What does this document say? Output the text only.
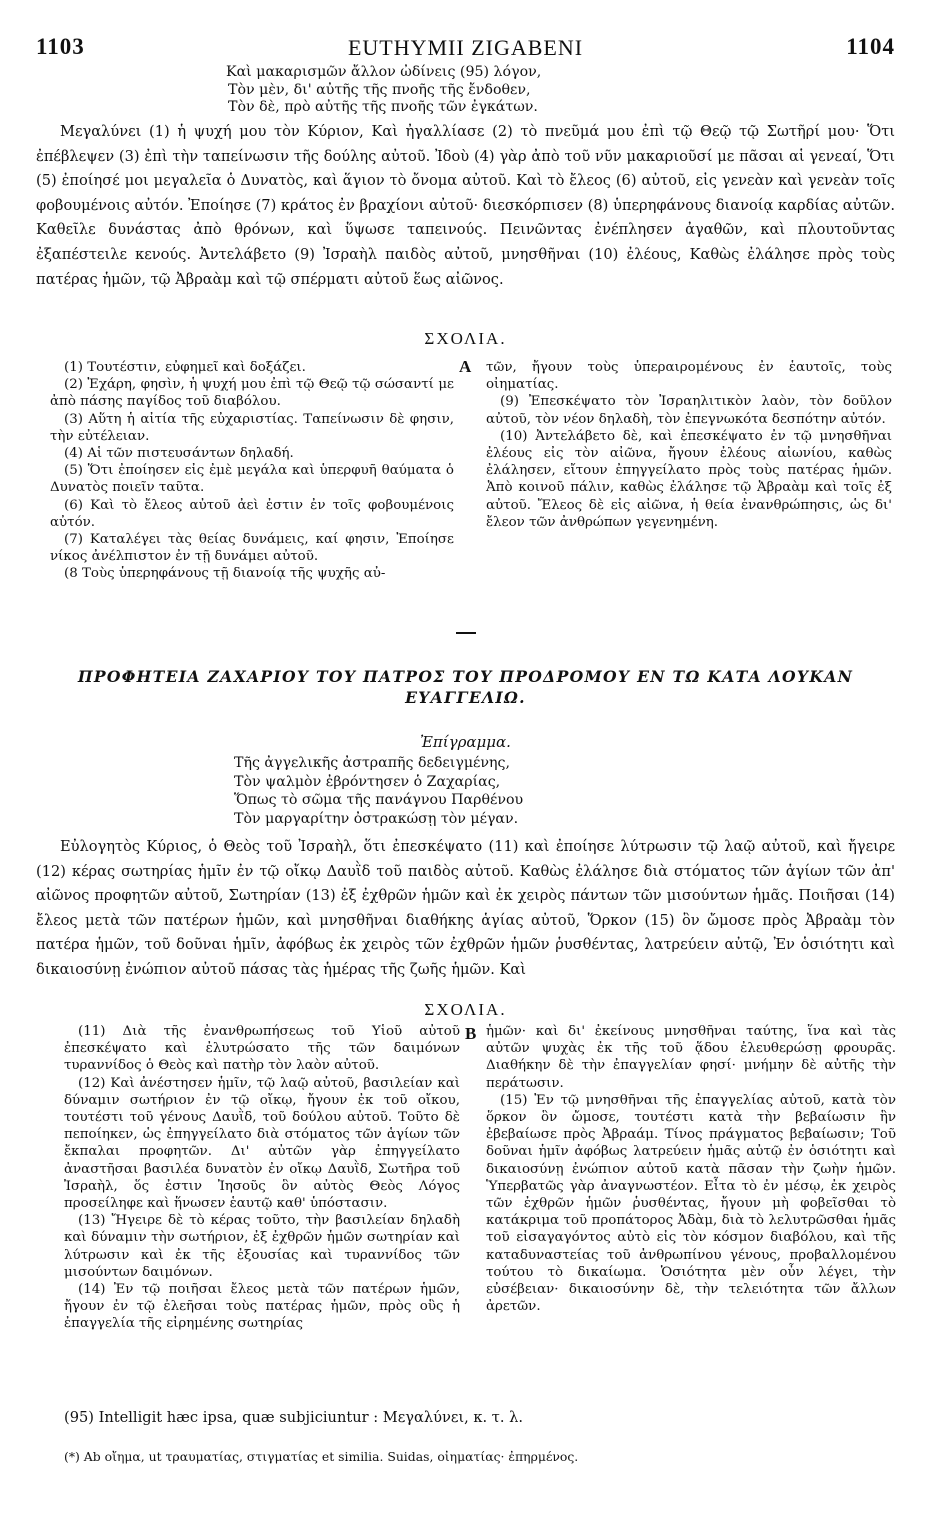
1103	EUTHYMII ZIGABENI	1104
Καὶ μακαρισμῶν ἄλλον ὠδίνεις (95) λόγον,
Τὸν μὲν, δι' αὐτῆς τῆς πνοῆς τῆς ἔνδοθεν,
Τὸν δὲ, πρὸ αὐτῆς τῆς πνοῆς τῶν ἐγκάτων.
Μεγαλύνει (1) ἡ ψυχή μου τὸν Κύριον, Καὶ ἠγαλλίασε (2) τὸ πνεῦμά μου ἐπὶ τῷ Θεῷ τῷ Σωτῆρί μου· Ὅτι ἐπέβλεψεν (3) ἐπὶ τὴν ταπείνωσιν τῆς δούλης αὐτοῦ. Ἰδοὺ (4) γὰρ ἀπὸ τοῦ νῦν μακαριοῦσί με πᾶσαι αἱ γενεαί, Ὅτι (5) ἐποίησέ μοι μεγαλεῖα ὁ Δυνατὸς, καὶ ἅγιον τὸ ὄνομα αὐτοῦ. Καὶ τὸ ἔλεος (6) αὐτοῦ, εἰς γενεὰν καὶ γενεὰν τοῖς φοβουμένοις αὐτόν. Ἐποίησε (7) κράτος ἐν βραχίονι αὐτοῦ· διεσκόρπισεν (8) ὑπερηφάνους διανοίᾳ καρδίας αὐτῶν. Καθεῖλε δυνάστας ἀπὸ θρόνων, καὶ ὕψωσε ταπεινούς. Πεινῶντας ἐνέπλησεν ἀγαθῶν, καὶ πλουτοῦντας ἐξαπέστειλε κενούς. Ἀντελάβετο (9) Ἰσραὴλ παιδὸς αὐτοῦ, μνησθῆναι (10) ἐλέους, Καθὼς ἐλάλησε πρὸς τοὺς πατέρας ἡμῶν, τῷ Ἀβραὰμ καὶ τῷ σπέρματι αὐτοῦ ἕως αἰῶνος.
ΣΧΟΛΙΑ.

(1) Τουτέστιν, εὐφημεῖ καὶ δοξάζει.

(2) Ἐχάρη, φησὶν, ἡ ψυχή μου ἐπὶ τῷ Θεῷ τῷ σώσαντί με ἀπὸ πάσης παγίδος τοῦ διαβόλου.

(3) Αὕτη ἡ αἰτία τῆς εὐχαριστίας. Ταπείνωσιν δὲ φησιν, τὴν εὐτέλειαν.

(4) Αἱ τῶν πιστευσάντων δηλαδή.

(5) Ὅτι ἐποίησεν εἰς ἐμὲ μεγάλα καὶ ὑπερφυῆ θαύματα ὁ Δυνατὸς ποιεῖν ταῦτα.

(6) Καὶ τὸ ἔλεος αὐτοῦ ἀεὶ ἐστιν ἐν τοῖς φοβουμένοις αὐτόν.

(7) Καταλέγει τὰς θείας δυνάμεις, καί φησιν, Ἐποίησε νίκος ἀνέλπιστον ἐν τῇ δυνάμει αὐτοῦ.

(8 Τοὺς ὑπερηφάνους τῇ διανοίᾳ τῆς ψυχῆς αὐ-

A τῶν, ἤγουν τοὺς ὑπεραιρομένους ἐν ἑαυτοῖς, τοὺς οἰηματίας.

(9) Ἐπεσκέψατο τὸν Ἰσραηλιτικὸν λαὸν, τὸν δοῦλον αὐτοῦ, τὸν νέον δηλαδὴ, τὸν ἐπεγνωκότα δεσπότην αὐτόν.

(10) Ἀντελάβετο δὲ, καὶ ἐπεσκέψατο ἐν τῷ μνησθῆναι ἐλέους εἰς τὸν αἰῶνα, ἤγουν ἐλέους αἰωνίου, καθὼς ἐλάλησεν, εἴτουν ἐπηγγείλατο πρὸς τοὺς πατέρας ἡμῶν. Ἀπὸ κοινοῦ πάλιν, καθὼς ἐλάλησε τῷ Ἀβραὰμ καὶ τοῖς ἐξ αὐτοῦ. Ἔλεος δὲ εἰς αἰῶνα, ἡ θεία ἐνανθρώπησις, ὡς δι' ἔλεον τῶν ἀνθρώπων γεγενημένη.

ΠΡΟΦΗΤΕΙΑ ΖΑΧΑΡΙΟΥ ΤΟΥ ΠΑΤΡΟΣ ΤΟΥ ΠΡΟΔΡΟΜΟΥ ΕΝ ΤΩ ΚΑΤΑ ΛΟΥΚΑΝ ΕΥΑΓΓΕΛΙΩ.
Ἐπίγραμμα.
Τῆς ἀγγελικῆς ἀστραπῆς δεδειγμένης,
Τὸν ψαλμὸν ἐβρόντησεν ὁ Ζαχαρίας,
Ὅπως τὸ σῶμα τῆς πανάγνου Παρθένου
Τὸν μαργαρίτην ὀστρακώσῃ τὸν μέγαν.
Εὐλογητὸς Κύριος, ὁ Θεὸς τοῦ Ἰσραὴλ, ὅτι ἐπεσκέψατο (11) καὶ ἐποίησε λύτρωσιν τῷ λαῷ αὐτοῦ, καὶ ἤγειρε (12) κέρας σωτηρίας ἡμῖν ἐν τῷ οἴκῳ Δαυῒδ τοῦ παιδὸς αὐτοῦ. Καθὼς ἐλάλησε διὰ στόματος τῶν ἁγίων τῶν ἀπ' αἰῶνος προφητῶν αὐτοῦ, Σωτηρίαν (13) ἐξ ἐχθρῶν ἡμῶν καὶ ἐκ χειρὸς πάντων τῶν μισούντων ἡμᾶς. Ποιῆσαι (14) ἔλεος μετὰ τῶν πατέρων ἡμῶν, καὶ μνησθῆναι διαθήκης ἁγίας αὐτοῦ, Ὅρκον (15) ὃν ὤμοσε πρὸς Ἀβραὰμ τὸν πατέρα ἡμῶν, τοῦ δοῦναι ἡμῖν, ἀφόβως ἐκ χειρὸς τῶν ἐχθρῶν ἡμῶν ῥυσθέντας, λατρεύειν αὐτῷ, Ἐν ὁσιότητι καὶ δικαιοσύνῃ ἐνώπιον αὐτοῦ πάσας τὰς ἡμέρας τῆς ζωῆς ἡμῶν. Καὶ
ΣΧΟΛΙΑ.

(11) Διὰ τῆς ἐνανθρωπήσεως τοῦ Υἱοῦ αὐτοῦ ἐπεσκέψατο καὶ ἐλυτρώσατο τῆς τῶν δαιμόνων τυραννίδος ὁ Θεὸς καὶ πατὴρ τὸν λαὸν αὐτοῦ.

(12) Καὶ ἀνέστησεν ἡμῖν, τῷ λαῷ αὐτοῦ, βασιλείαν καὶ δύναμιν σωτήριον ἐν τῷ οἴκῳ, ἤγουν ἐκ τοῦ οἴκου, τουτέστι τοῦ γένους Δαυῒδ, τοῦ δούλου αὐτοῦ. Τοῦτο δὲ πεποίηκεν, ὡς ἐπηγγείλατο διὰ στόματος τῶν ἁγίων τῶν ἔκπαλαι προφητῶν. Δι' αὐτῶν γὰρ ἐπηγγείλατο ἀναστῆσαι βασιλέα δυνατὸν ἐν οἴκῳ Δαυῒδ, Σωτῆρα τοῦ Ἰσραὴλ, ὅς ἐστιν Ἰησοῦς ὃν αὐτὸς Θεὸς Λόγος προσείληφε καὶ ἥνωσεν ἑαυτῷ καθ' ὑπόστασιν.

(13) Ἤγειρε δὲ τὸ κέρας τοῦτο, τὴν βασιλείαν δηλαδὴ καὶ δύναμιν τὴν σωτήριον, ἐξ ἐχθρῶν ἡμῶν σωτηρίαν καὶ λύτρωσιν καὶ ἐκ τῆς ἐξουσίας καὶ τυραννίδος τῶν μισούντων δαιμόνων.

(14) Ἐν τῷ ποιῆσαι ἔλεος μετὰ τῶν πατέρων ἡμῶν, ἤγουν ἐν τῷ ἐλεῆσαι τοὺς πατέρας ἡμῶν, πρὸς οὓς ἡ ἐπαγγελία τῆς εἰρημένης σωτηρίας

B ἡμῶν· καὶ δι' ἐκείνους μνησθῆναι ταύτης, ἵνα καὶ τὰς αὐτῶν ψυχὰς ἐκ τῆς τοῦ ᾅδου ἐλευθερώσῃ φρουρᾶς. Διαθήκην δὲ τὴν ἐπαγγελίαν φησί· μνήμην δὲ αὐτῆς τὴν περάτωσιν.

(15) Ἐν τῷ μνησθῆναι τῆς ἐπαγγελίας αὐτοῦ, κατὰ τὸν ὅρκον ὃν ὤμοσε, τουτέστι κατὰ τὴν βεβαίωσιν ἣν ἐβεβαίωσε πρὸς Ἀβραάμ. Τίνος πράγματος βεβαίωσιν; Τοῦ δοῦναι ἡμῖν ἀφόβως λατρεύειν ἡμᾶς αὐτῷ ἐν ὁσιότητι καὶ δικαιοσύνῃ ἐνώπιον αὐτοῦ κατὰ πᾶσαν τὴν ζωὴν ἡμῶν. Ὑπερβατῶς γὰρ ἀναγνωστέον. Εἶτα τὸ ἐν μέσῳ, ἐκ χειρὸς τῶν ἐχθρῶν ἡμῶν ῥυσθέντας, ἤγουν μὴ φοβεῖσθαι τὸ κατάκριμα τοῦ προπάτορος Ἀδὰμ, διὰ τὸ λελυτρῶσθαι ἡμᾶς τοῦ εἰσαγαγόντος αὐτὸ εἰς τὸν κόσμον διαβόλου, καὶ τῆς καταδυναστείας τοῦ ἀνθρωπίνου γένους, προβαλλομένου τούτου τὸ δικαίωμα. Ὁσιότητα μὲν οὖν λέγει, τὴν εὐσέβειαν· δικαιοσύνην δὲ, τὴν τελειότητα τῶν ἄλλων ἀρετῶν.

(95) Intelligit hæc ipsa, quæ subjiciuntur : Μεγαλύνει, κ. τ. λ.
(*) Ab οἴημα, ut τραυματίας, στιγματίας et similia. Suidas, οἰηματίας· ἐπηρμένος.
